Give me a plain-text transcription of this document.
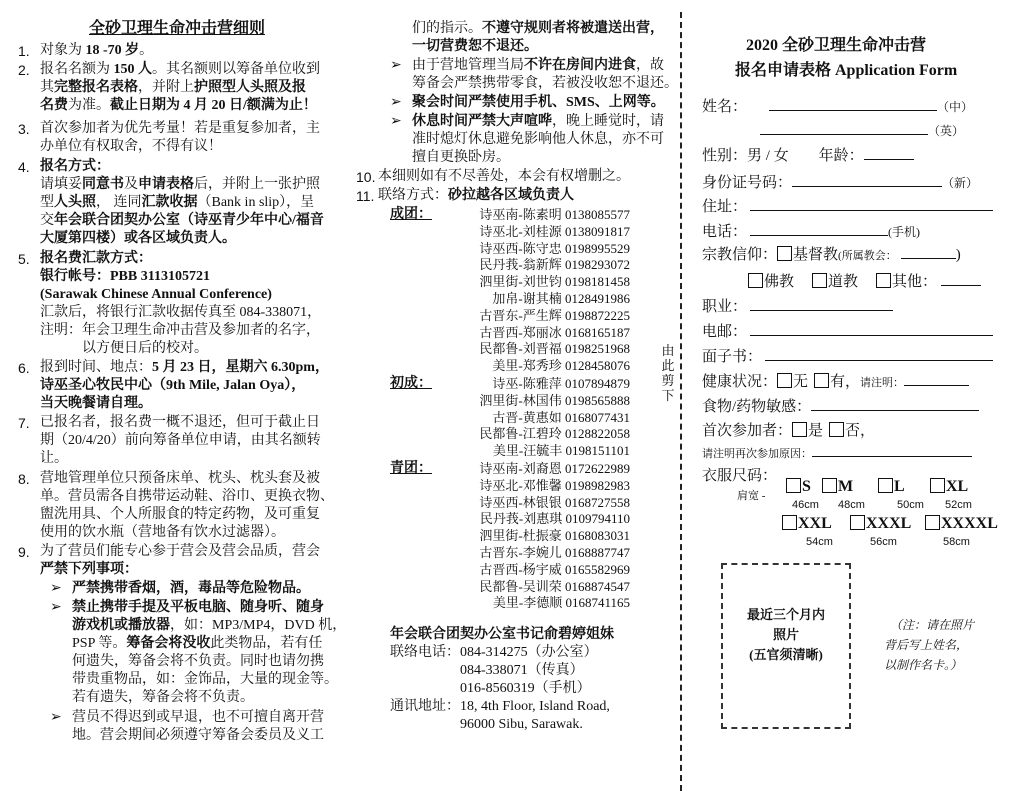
全砂卫理生命冲击营细则
1. 对象为 18 -70 岁。
2. 报名名额为 150 人。其名额则以筹备单位收到
其完整报名表格，并附上护照型人头照及报
名费为准。截止日期为 4 月 20 日/额满为止！
3. 首次参加者为优先考量！若是重复参加者，主
办单位有权取舍，不得有议！
4. 报名方式：
请填妥同意书及申请表格后，并附上一张护照
型人头照， 连同汇款收据（Bank in slip），呈
交年会联合团契办公室（诗巫青少年中心/福音
大厦第四楼）或各区域负责人。
5. 报名费汇款方式：
银行帐号：PBB 3113105721
(Sarawak Chinese Annual Conference)
汇款后，将银行汇款收据传真至 084-338071，
注明：年会卫理生命冲击营及参加者的名字，
　　　以方便日后的校对。
6. 报到时间、地点：5 月 23 日，星期六 6.30pm，
诗巫圣心牧民中心（9th Mile, Jalan Oya），
当天晚餐请自理。
7. 已报名者，报名费一概不退还，但可于截止日
期（20/4/20）前向筹备单位申请，由其名额转
让。
8. 营地管理单位只预备床单、枕头、枕头套及被
单。营员需各自携带运动鞋、浴巾、更换衣物、
盥洗用具、个人所服食的特定药物，及可重复
使用的饮水瓶（营地备有饮水过滤器）。
9. 为了营员们能专心参于营会及营会品质，营会
严禁下列事项：
➢ 严禁携带香烟，酒，毒品等危险物品。
➢ 禁止携带手提及平板电脑、随身听、随身
游戏机或播放器，如：MP3/MP4，DVD 机，
PSP 等。筹备会将没收此类物品，若有任
何遗失，筹备会将不负责。同时也请勿携
带贵重物品，如：金饰品，大量的现金等。
若有遗失，筹备会将不负责。
➢ 营员不得迟到或早退，也不可擅自离开营
地。营会期间必须遵守筹备会委员及义工
们的指示。不遵守规则者将被遣送出营，
一切营费恕不退还。
➢ 由于营地管理当局不许在房间内进食，故
筹备会严禁携带零食，若被没收恕不退还。
➢ 聚会时间严禁使用手机、SMS、上网等。
➢ 休息时间严禁大声喧哗，晚上睡觉时，请
准时熄灯休息避免影响他人休息，亦不可
擅自更换卧房。
10. 本细则如有不尽善处，本会有权增删之。
11. 联络方式：砂拉越各区域负责人
成团：	诗巫南-陈素明 0138085577
诗巫北-刘桂源 0138091817
诗巫西-陈守忠 0198995529
民丹莪-翁新辉 0198293072
泗里街-刘世钧 0198181458
加帛-谢其楠 0128491986
古晋东-严生辉 0198872225
古晋西-郑丽冰 0168165187
民都鲁-刘晋福 0198251968
美里-郑秀珍 0128458076
初成：	诗巫-陈雅萍 0107894879
泗里街-林国伟 0198565888
古晋-黄惠如 0168077431
民都鲁-江碧玲 0128822058
美里-汪毓丰 0198151101
青团：	诗巫南-刘裔恩 0172622989
诗巫北-邓惟馨 0198982983
诗巫西-林银银 0168727558
民丹莪-刘惠琪 0109794110
泗里街-杜振豪 0168083031
古晋东-李婉儿 0168887747
古晋西-杨宇威 0165582969
民都鲁-吴训荣 0168874547
美里-李德顺 0168741165
年会联合团契办公室书记俞碧婷姐妹
联络电话： 084-314275（办公室）
084-338071（传真）
016-8560319（手机）
通讯地址： 18, 4th Floor, Island Road,
96000 Sibu, Sarawak.
由此剪下
2020 全砂卫理生命冲击营
报名申请表格 Application Form
姓名：	（中）
（英）
性别：男 / 女 年龄：
身份证号码：	（新）
住址：
电话：	(手机)
宗教信仰： 基督教(所属教会：	)
佛教 道教 其他：
职业：
电邮：
面子书：
健康状况： 无 有，请注明：
食物/药物敏感：
首次参加者： 是 否，
请注明再次参加原因：
衣服尺码：
肩宽 -
S
46cm
M
48cm
L
50cm
XL
52cm
XXL
54cm
XXXL
56cm
XXXXL
58cm
最近三个月内
照片
(五官须清晰)
（注：请在照片
背后写上姓名，
以制作名卡。）
